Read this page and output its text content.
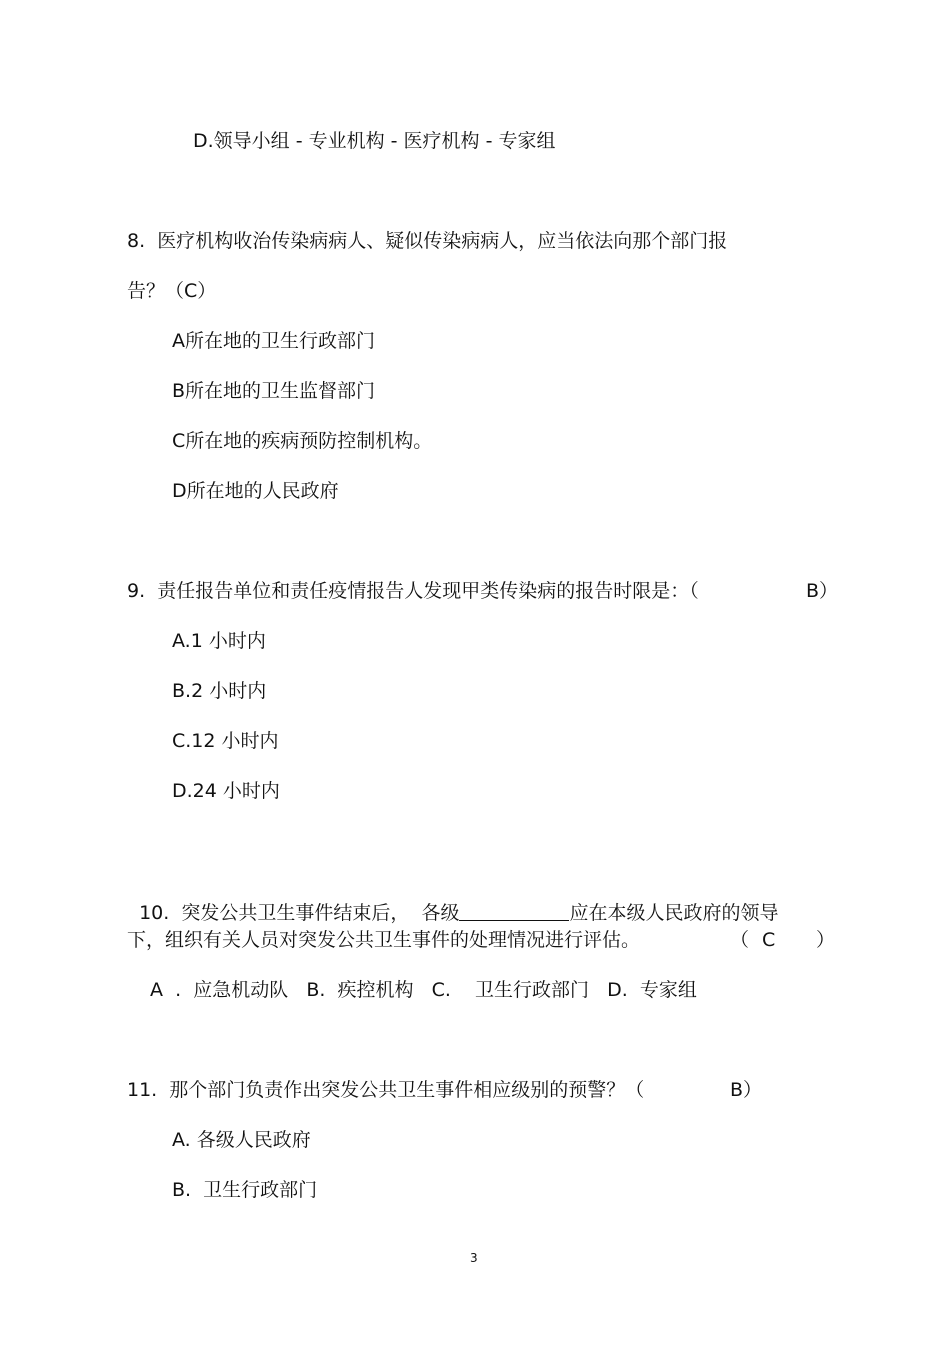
D.领导小组 - 专业机构 - 医疗机构 - 专家组
8.  医疗机构收治传染病病人、疑似传染病病人，应当依法向那个部门报
告？（C）
A所在地的卫生行政部门
B所在地的卫生监督部门
C所在地的疾病预防控制机构。
D所在地的人民政府
9.  责任报告单位和责任疫情报告人发现甲类传染病的报告时限是：（	B）
A.1 小时内
B.2 小时内
C.12 小时内
D.24 小时内

10.  突发公共卫生事件结束后，  各级	应在本级人民政府的领导

下，组织有关人员对突发公共卫生事件的处理情况进行评估。	（ C ）
A  .  应急机动队   B.  疾控机构   C.    卫生行政部门   D.  专家组
11.  那个部门负责作出突发公共卫生事件相应级别的预警？（	B）
A. 各级人民政府
B.  卫生行政部门
3
